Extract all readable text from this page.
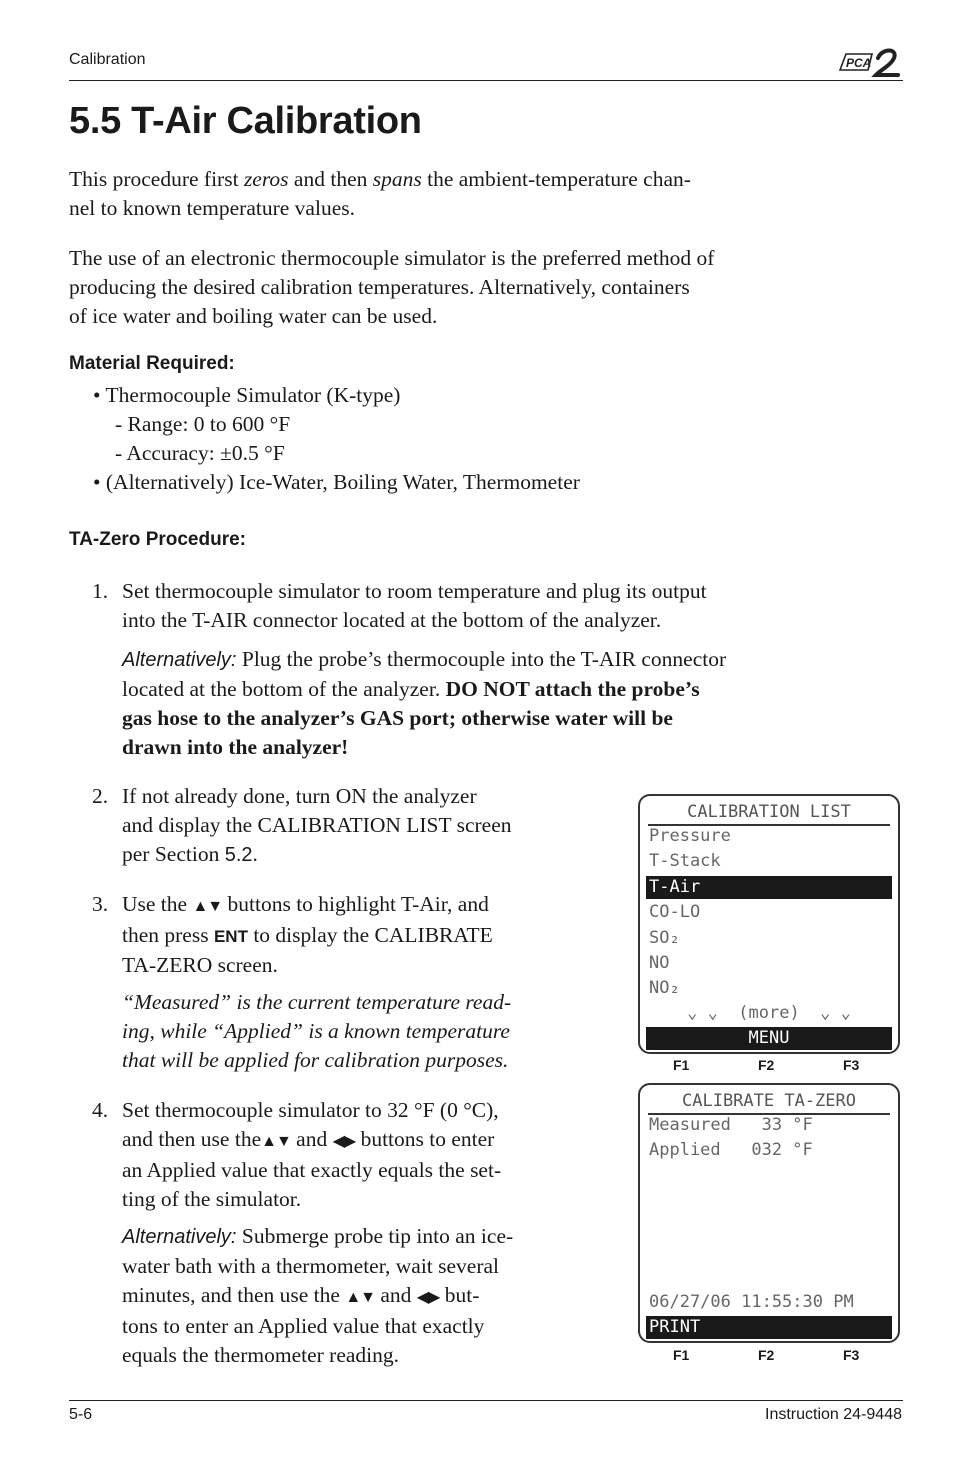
Calibration	PCA
5.5 T-Air Calibration
This procedure first zeros and then spans the ambient-temperature chan-
nel to known temperature values.
The use of an electronic thermocouple simulator is the preferred method of
producing the desired calibration temperatures. Alternatively, containers
of ice water and boiling water can be used.
Material Required:
• Thermocouple Simulator (K-type)
- Range: 0 to 600 °F
- Accuracy: ±0.5 °F
• (Alternatively) Ice-Water, Boiling Water, Thermometer
TA-Zero Procedure:
1. Set thermocouple simulator to room temperature and plug its output
into the T-AIR connector located at the bottom of the analyzer.
Alternatively: Plug the probe’s thermocouple into the T-AIR connector
located at the bottom of the analyzer. DO NOT attach the probe’s
gas hose to the analyzer’s GAS port; otherwise water will be
drawn into the analyzer!
2. If not already done, turn ON the analyzer
and display the CALIBRATION LIST screen
per Section 5.2.
3. Use the ▲▼ buttons to highlight T-Air, and
then press ENT to display the CALIBRATE
TA-ZERO screen.
“Measured” is the current temperature read-
ing, while “Applied” is a known temperature
that will be applied for calibration purposes.
4. Set thermocouple simulator to 32 °F (0 °C),
and then use the▲▼ and ◀▶ buttons to enter
an Applied value that exactly equals the set-
ting of the simulator.
Alternatively: Submerge probe tip into an ice-
water bath with a thermometer, wait several
minutes, and then use the ▲▼ and ◀▶ but-
tons to enter an Applied value that exactly
equals the thermometer reading.
CALIBRATION LIST
Pressure
T-Stack
T-Air
CO-LO
SO₂
NO
NO₂
⌄ ⌄  (more)  ⌄ ⌄
MENU
F1	F2	F3
CALIBRATE TA-ZERO
Measured   33 °F
Applied   032 °F
06/27/06 11:55:30 PM
PRINT
F1	F2	F3
5-6	Instruction 24-9448
